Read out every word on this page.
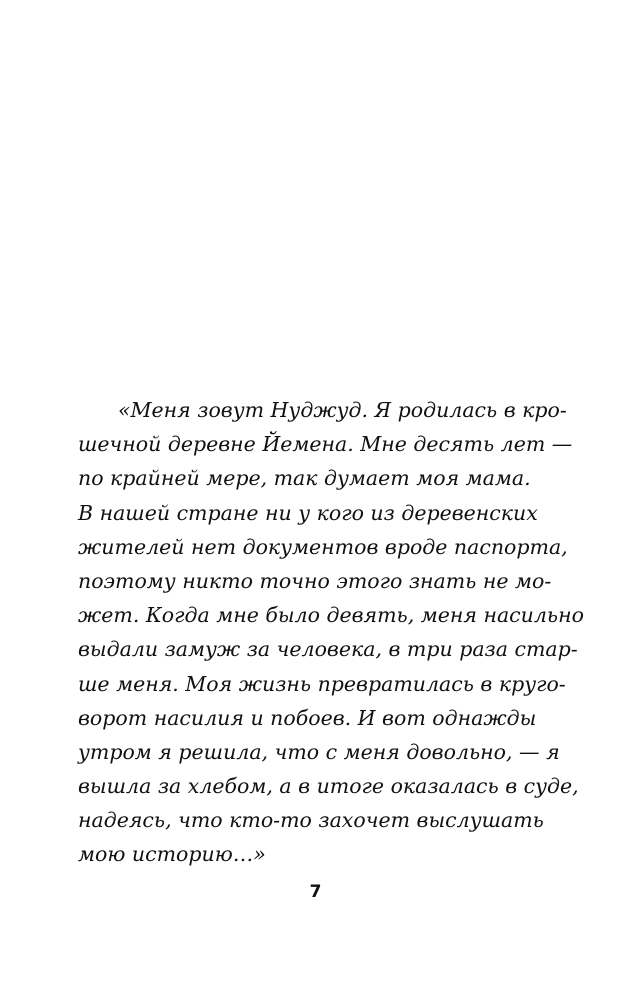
«Меня зовут Нуджуд. Я родилась в кро-
шечной деревне Йемена. Мне десять лет —
по крайней мере, так думает моя мама.
В нашей стране ни у кого из деревенских
жителей нет документов вроде паспорта,
поэтому никто точно этого знать не мо-
жет. Когда мне было девять, меня насильно
выдали замуж за человека, в три раза стар-
ше меня. Моя жизнь превратилась в круго-
ворот насилия и побоев. И вот однажды
утром я решила, что с меня довольно, — я
вышла за хлебом, а в итоге оказалась в суде,
надеясь, что кто-то захочет выслушать
мою историю…»

7
